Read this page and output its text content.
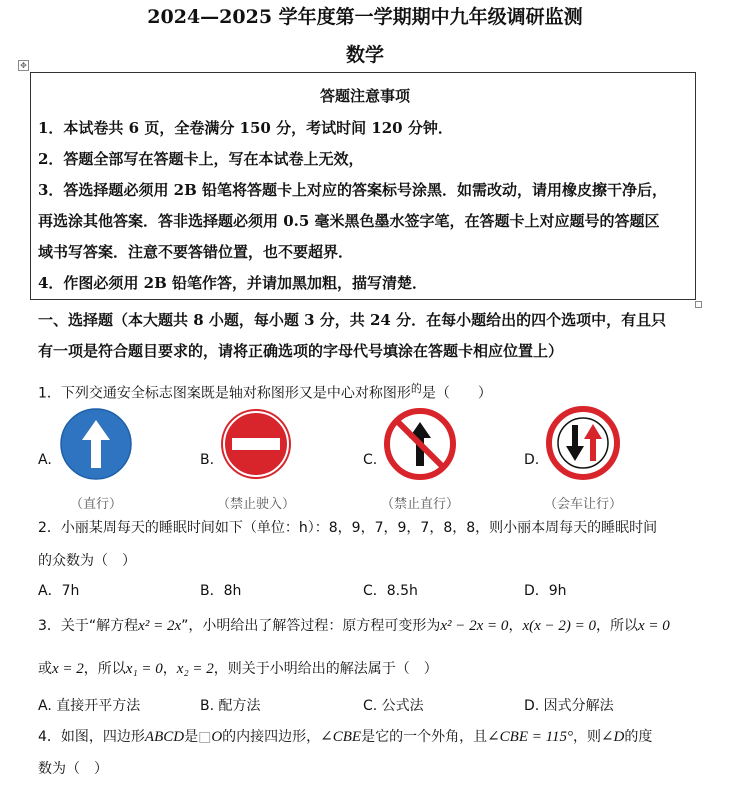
✥
2024—2025 学年度第一学期期中九年级调研监测
数学
答题注意事项
1．本试卷共 6 页，全卷满分 150 分，考试时间 120 分钟．
2．答题全部写在答题卡上，写在本试卷上无效，
3．答选择题必须用 2B 铅笔将答题卡上对应的答案标号涂黑．如需改动，请用橡皮擦干净后，
再选涂其他答案．答非选择题必须用 0.5 毫米黑色墨水签字笔，在答题卡上对应题号的答题区
域书写答案．注意不要答错位置，也不要超界．
4．作图必须用 2B 铅笔作答，并请加黑加粗，描写清楚．
一、选择题（本大题共 8 小题，每小题 3 分，共 24 分．在每小题给出的四个选项中，有且只
有一项是符合题目要求的，请将正确选项的字母代号填涂在答题卡相应位置上）
1．下列交通安全标志图案既是轴对称图形又是中心对称图形$^的$是（　　）
A.	B.	C.	D.
（直行）	（禁止驶入）	（禁止直行）	（会车让行）
2．小丽某周每天的睡眠时间如下（单位：h）：8，9，7，9，7，8，8，则小丽本周每天的睡眠时间
的众数为（　）
A．7h	B．8h	C．8.5h	D．9h
3．关于“解方程x² = 2x”，小明给出了解答过程：原方程可变形为x² − 2x = 0，x(x − 2) = 0，所以x = 0
或x = 2，所以x₁ = 0，x₂ = 2，则关于小明给出的解法属于（　）
A. 直接开平方法	B. 配方法	C. 公式法	D. 因式分解法
4．如图，四边形ABCD是□O的内接四边形，∠CBE是它的一个外角，且∠CBE = 115°，则∠D的度
数为（　）
